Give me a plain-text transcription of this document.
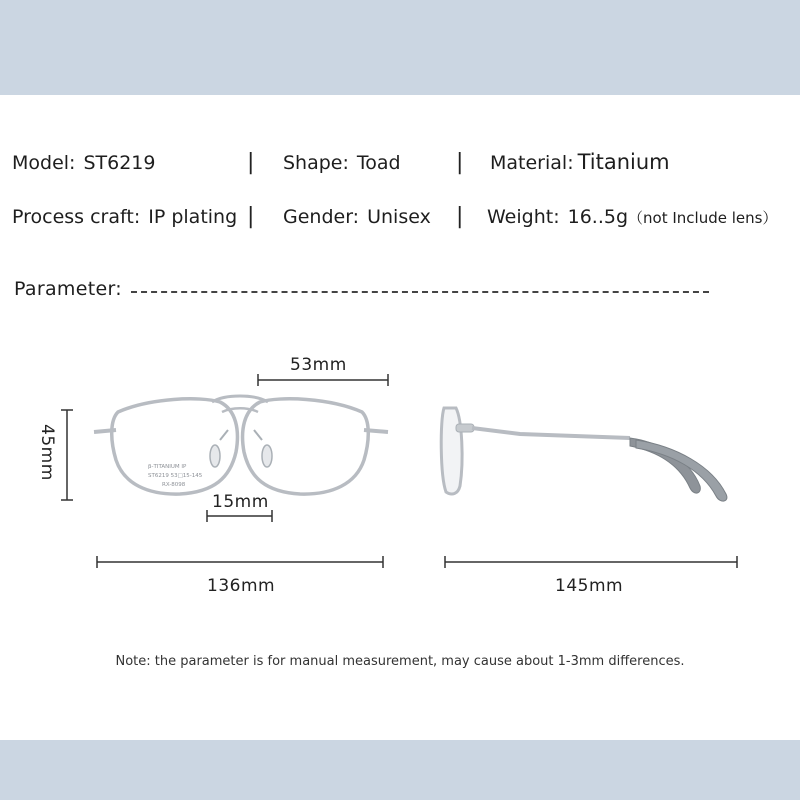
Model: ST6219	| Shape: Toad	| Material: Titanium
Process craft: IP plating | Gender: Unisex | Weight: 16..5g（not Include lens）
Parameter:
β-TITANIUM IP
ST6219 53□15-145
RX-8098
53mm
45mm
15mm
136mm	145mm
Note: the parameter is for manual measurement, may cause about 1-3mm differences.
